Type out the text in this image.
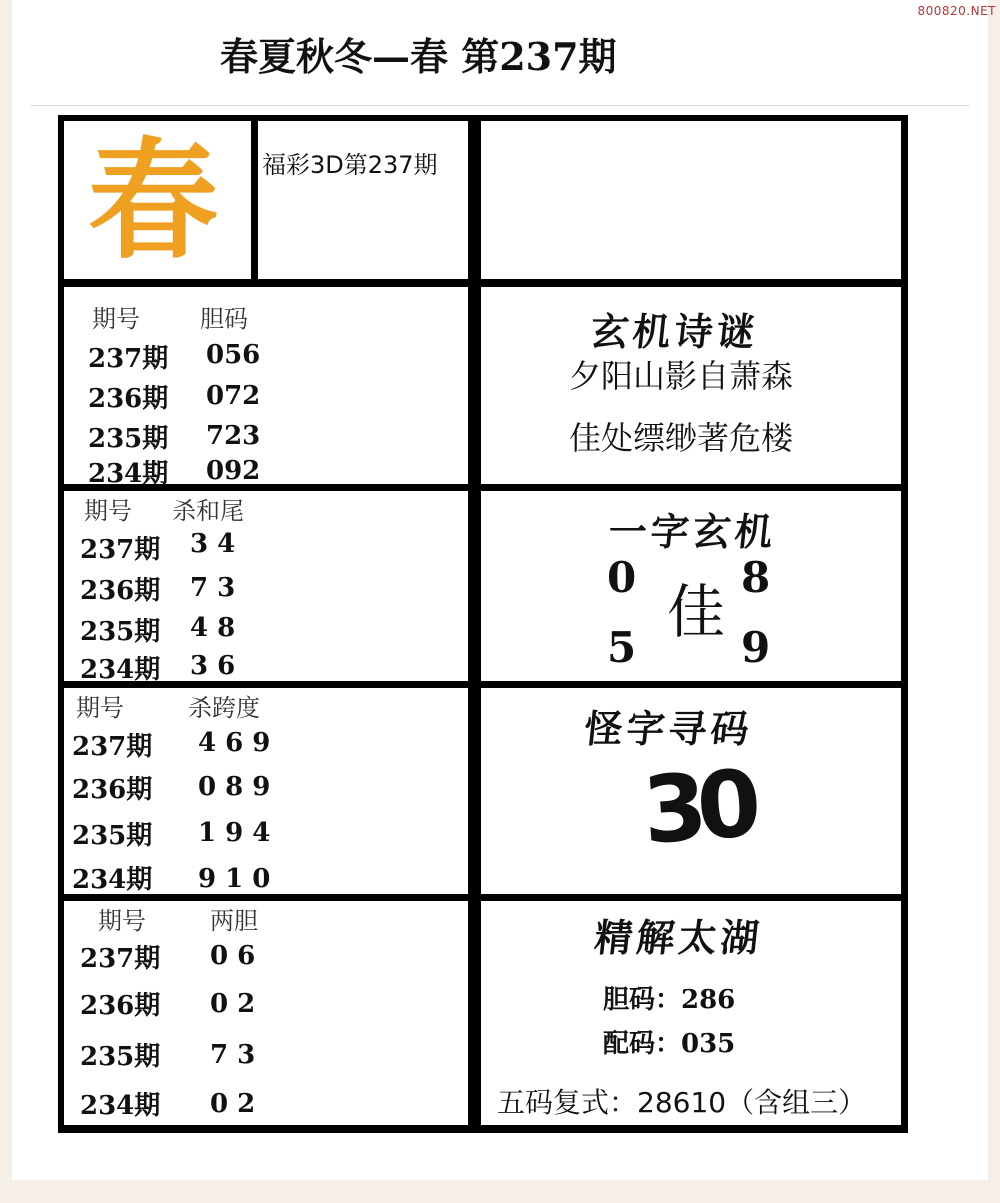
800820.NET
春夏秋冬—春 第237期
春 福彩3D第237期
期号	胆码
237期 056
236期 072
235期 723
234期 092
期号 杀和尾
237期 3 4
236期 7 3
235期 4 8
234期 3 6
期号	杀跨度
237期 4 6 9
236期 0 8 9
235期 1 9 4
234期 9 1 0
期号	两胆
237期 0 6
236期 0 2
235期 7 3
234期 0 2
玄机诗谜
夕阳山影自萧森
佳处缥缈著危楼
一字玄机
0 8
佳
5 9
怪字寻码
30
精解太湖
胆码：286
配码：035
五码复式：28610（含组三）
